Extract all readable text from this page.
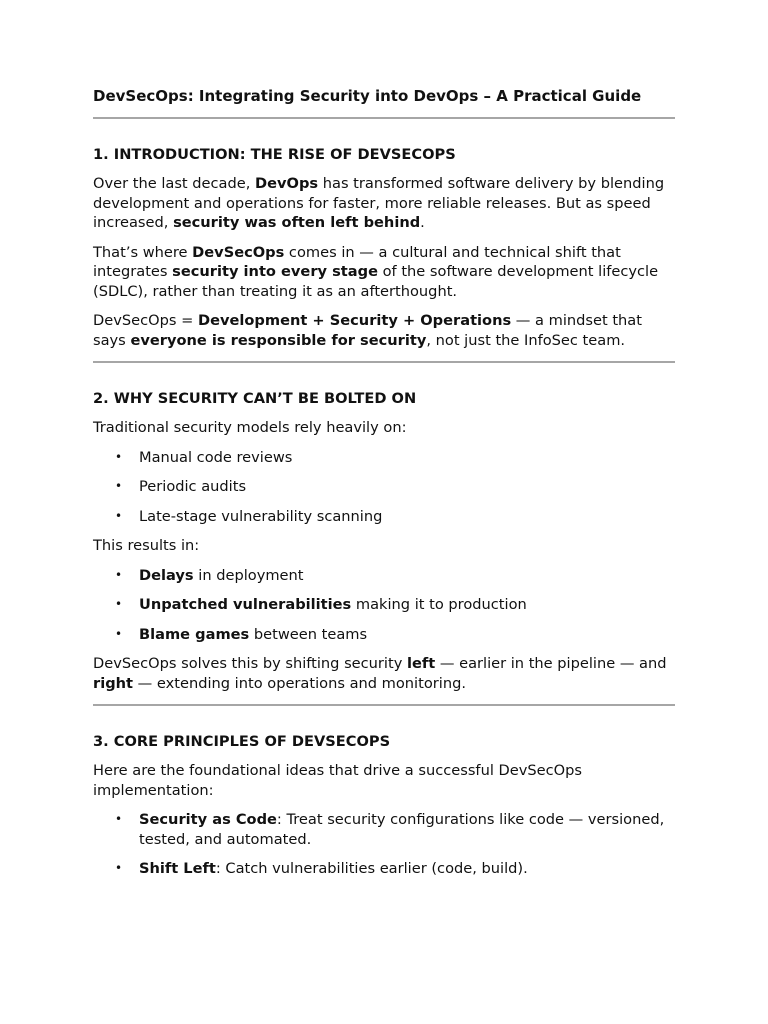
DevSecOps: Integrating Security into DevOps – A Practical Guide

1. INTRODUCTION: THE RISE OF DEVSECOPS

Over the last decade, DevOps has transformed software delivery by blending development and operations for faster, more reliable releases. But as speed increased, security was often left behind.

That’s where DevSecOps comes in — a cultural and technical shift that integrates security into every stage of the software development lifecycle (SDLC), rather than treating it as an afterthought.

DevSecOps = Development + Security + Operations — a mindset that says everyone is responsible for security, not just the InfoSec team.

2. WHY SECURITY CAN’T BE BOLTED ON

Traditional security models rely heavily on:

• Manual code reviews
• Periodic audits
• Late-stage vulnerability scanning

This results in:

• Delays in deployment
• Unpatched vulnerabilities making it to production
• Blame games between teams

DevSecOps solves this by shifting security left — earlier in the pipeline — and right — extending into operations and monitoring.

3. CORE PRINCIPLES OF DEVSECOPS

Here are the foundational ideas that drive a successful DevSecOps implementation:

• Security as Code: Treat security configurations like code — versioned, tested, and automated.
• Shift Left: Catch vulnerabilities earlier (code, build).
